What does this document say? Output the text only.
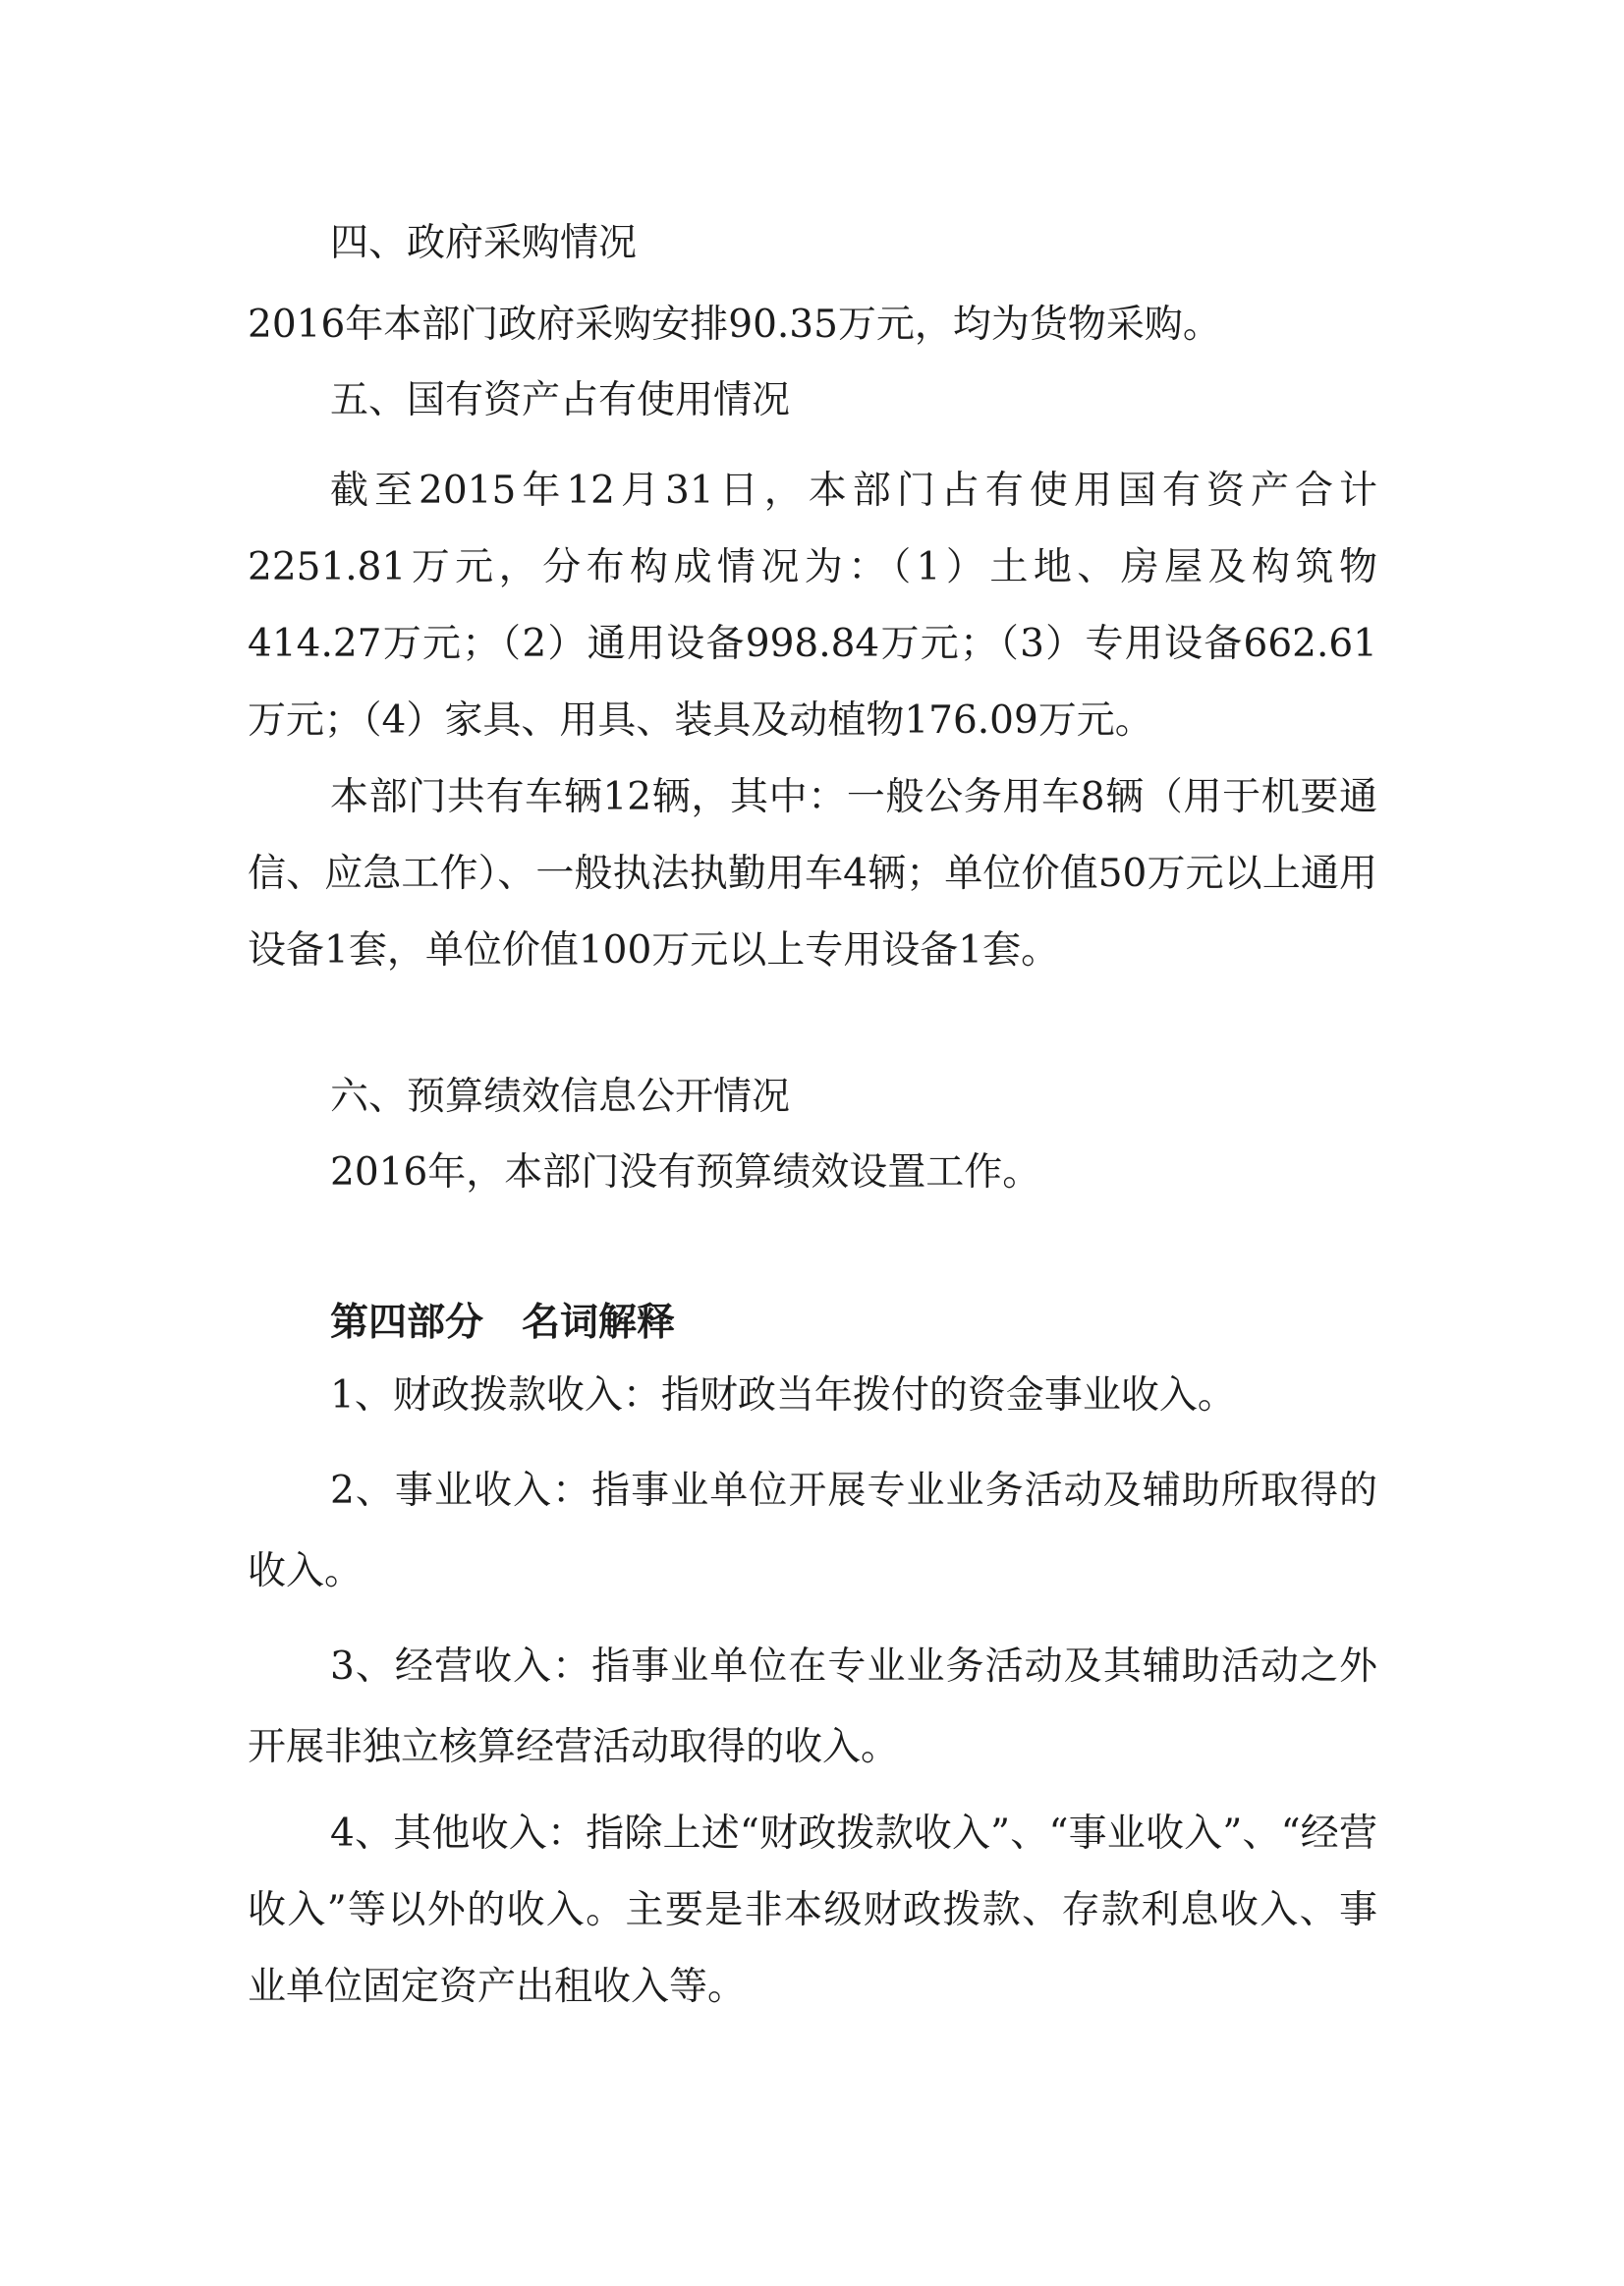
四、政府采购情况
2016年本部门政府采购安排90.35万元，均为货物采购。
五、国有资产占有使用情况
截至2015年12月31日，本部门占有使用国有资产合计2251.81万元，分布构成情况为：（1）土地、房屋及构筑物414.27万元；（2）通用设备998.84万元；（3）专用设备662.61万元；（4）家具、用具、装具及动植物176.09万元。
本部门共有车辆12辆，其中：一般公务用车8辆（用于机要通信、应急工作）、一般执法执勤用车4辆；单位价值50万元以上通用设备1套，单位价值100万元以上专用设备1套。
六、预算绩效信息公开情况
2016年，本部门没有预算绩效设置工作。
第四部分　名词解释
1、财政拨款收入：指财政当年拨付的资金事业收入。
2、事业收入：指事业单位开展专业业务活动及辅助所取得的收入。
3、经营收入：指事业单位在专业业务活动及其辅助活动之外开展非独立核算经营活动取得的收入。
4、其他收入：指除上述“财政拨款收入”、“事业收入”、“经营收入”等以外的收入。主要是非本级财政拨款、存款利息收入、事业单位固定资产出租收入等。
